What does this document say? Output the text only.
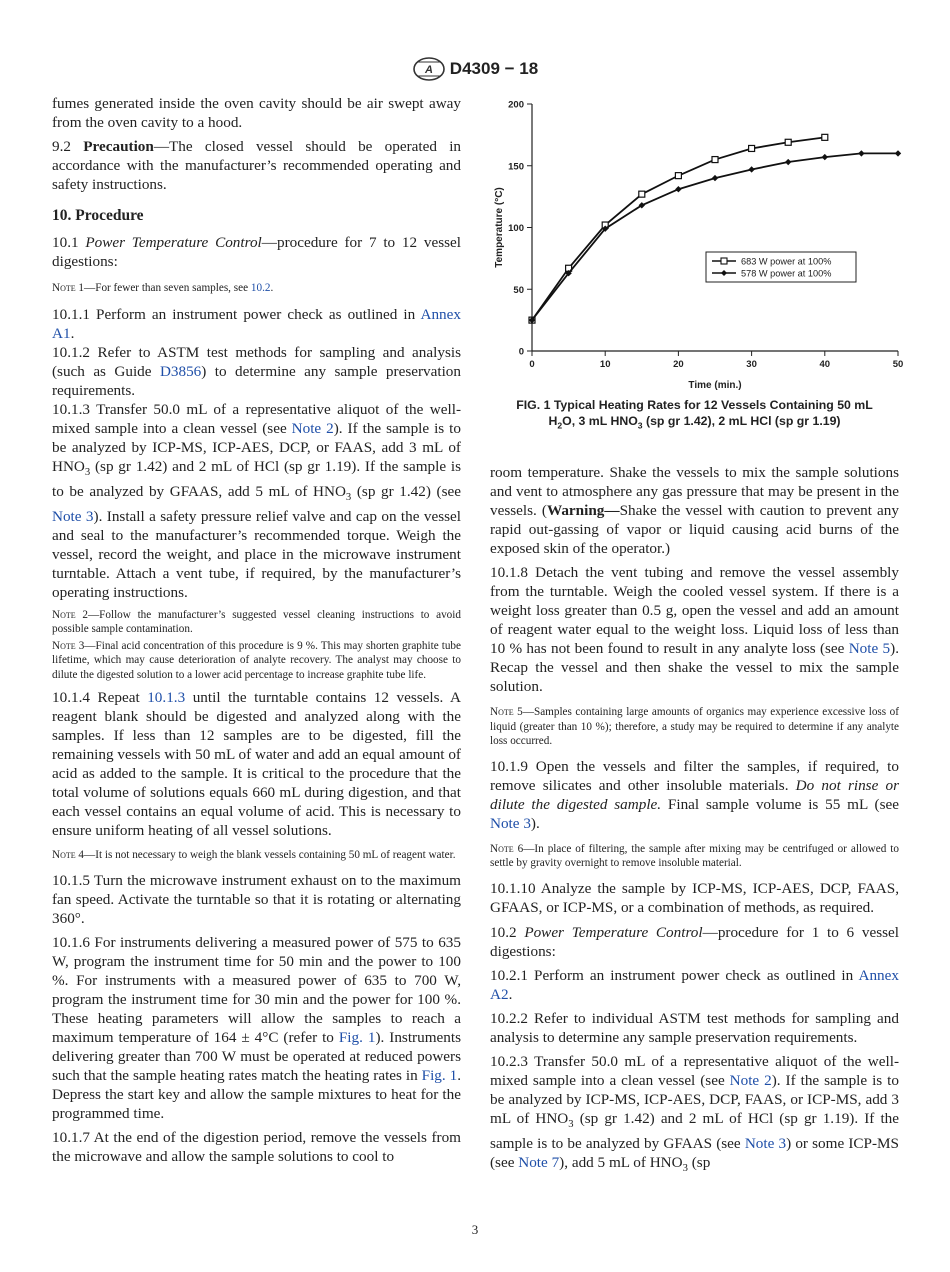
A D4309 − 18

fumes generated inside the oven cavity should be air swept away from the oven cavity to a hood.

9.2 Precaution—The closed vessel should be operated in accordance with the manufacturer’s recommended operating and safety instructions.

10. Procedure

10.1 Power Temperature Control—procedure for 7 to 12 vessel digestions:

Note 1—For fewer than seven samples, see 10.2.

10.1.1 Perform an instrument power check as outlined in Annex A1.

10.1.2 Refer to ASTM test methods for sampling and analysis (such as Guide D3856) to determine any sample preservation requirements.

10.1.3 Transfer 50.0 mL of a representative aliquot of the well-mixed sample into a clean vessel (see Note 2). If the sample is to be analyzed by ICP-MS, ICP-AES, DCP, or FAAS, add 3 mL of $HNO_3$ (sp gr 1.42) and 2 mL of HCl (sp gr 1.19). If the sample is to be analyzed by GFAAS, add 5 mL of $HNO_3$ (sp gr 1.42) (see Note 3). Install a safety pressure relief valve and cap on the vessel and seal to the manufacturer’s recommended torque. Weigh the vessel, record the weight, and place in the microwave instrument turntable. Attach a vent tube, if required, by the manufacturer’s operating instructions.

Note 2—Follow the manufacturer’s suggested vessel cleaning instructions to avoid possible sample contamination.
Note 3—Final acid concentration of this procedure is 9 %. This may shorten graphite tube lifetime, which may cause deterioration of analyte recovery. The analyst may choose to dilute the digested solution to a lower acid percentage to increase graphite tube life.

10.1.4 Repeat 10.1.3 until the turntable contains 12 vessels. A reagent blank should be digested and analyzed along with the samples. If less than 12 samples are to be digested, fill the remaining vessels with 50 mL of water and add an equal amount of acid as added to the sample. It is critical to the procedure that the total volume of solutions equals 660 mL during digestion, and that each vessel contains an equal volume of acid. This is necessary to ensure uniform heating of all vessel solutions.

Note 4—It is not necessary to weigh the blank vessels containing 50 mL of reagent water.

10.1.5 Turn the microwave instrument exhaust on to the maximum fan speed. Activate the turntable so that it is rotating or alternating 360°.

10.1.6 For instruments delivering a measured power of 575 to 635 W, program the instrument time for 50 min and the power to 100 %. For instruments with a measured power of 635 to 700 W, program the instrument time for 30 min and the power for 100 %. These heating parameters will allow the samples to reach a maximum temperature of 164 ± 4°C (refer to Fig. 1). Instruments delivering greater than 700 W must be operated at reduced powers such that the sample heating rates match the heating rates in Fig. 1. Depress the start key and allow the sample mixtures to heat for the programmed time.

10.1.7 At the end of the digestion period, remove the vessels from the microwave and allow the sample solutions to cool to

0
50
100
150
200
0	10	20	30	40	50
Time (min.)
Temperature (°C)	683 W power at 100%
578 W power at 100%
FIG. 1 Typical Heating Rates for 12 Vessels Containing 50 mL
$H_2O$, 3 mL $HNO_3$ (sp gr 1.42), 2 mL HCl (sp gr 1.19)

room temperature. Shake the vessels to mix the sample solutions and vent to atmosphere any gas pressure that may be present in the vessels. (Warning—Shake the vessel with caution to prevent any rapid out-gassing of vapor or liquid causing acid burns of the exposed skin of the operator.)

10.1.8 Detach the vent tubing and remove the vessel assembly from the turntable. Weigh the cooled vessel system. If there is a weight loss greater than 0.5 g, open the vessel and add an amount of reagent water equal to the weight loss. Liquid loss of less than 10 % has not been found to result in any analyte loss (see Note 5). Recap the vessel and then shake the vessel to mix the sample solution.

Note 5—Samples containing large amounts of organics may experience excessive loss of liquid (greater than 10 %); therefore, a study may be required to determine if any analyte loss occurred.

10.1.9 Open the vessels and filter the samples, if required, to remove silicates and other insoluble materials. Do not rinse or dilute the digested sample. Final sample volume is 55 mL (see Note 3).

Note 6—In place of filtering, the sample after mixing may be centrifuged or allowed to settle by gravity overnight to remove insoluble material.

10.1.10 Analyze the sample by ICP-MS, ICP-AES, DCP, FAAS, GFAAS, or ICP-MS, or a combination of methods, as required.

10.2 Power Temperature Control—procedure for 1 to 6 vessel digestions:

10.2.1 Perform an instrument power check as outlined in Annex A2.

10.2.2 Refer to individual ASTM test methods for sampling and analysis to determine any sample preservation requirements.

10.2.3 Transfer 50.0 mL of a representative aliquot of the well-mixed sample into a clean vessel (see Note 2). If the sample is to be analyzed by ICP-MS, ICP-AES, DCP, FAAS, or ICP-MS, add 3 mL of $HNO_3$ (sp gr 1.42) and 2 mL of HCl (sp gr 1.19). If the sample is to be analyzed by GFAAS (see Note 3) or some ICP-MS (see Note 7), add 5 mL of $HNO_3$ (sp

3
